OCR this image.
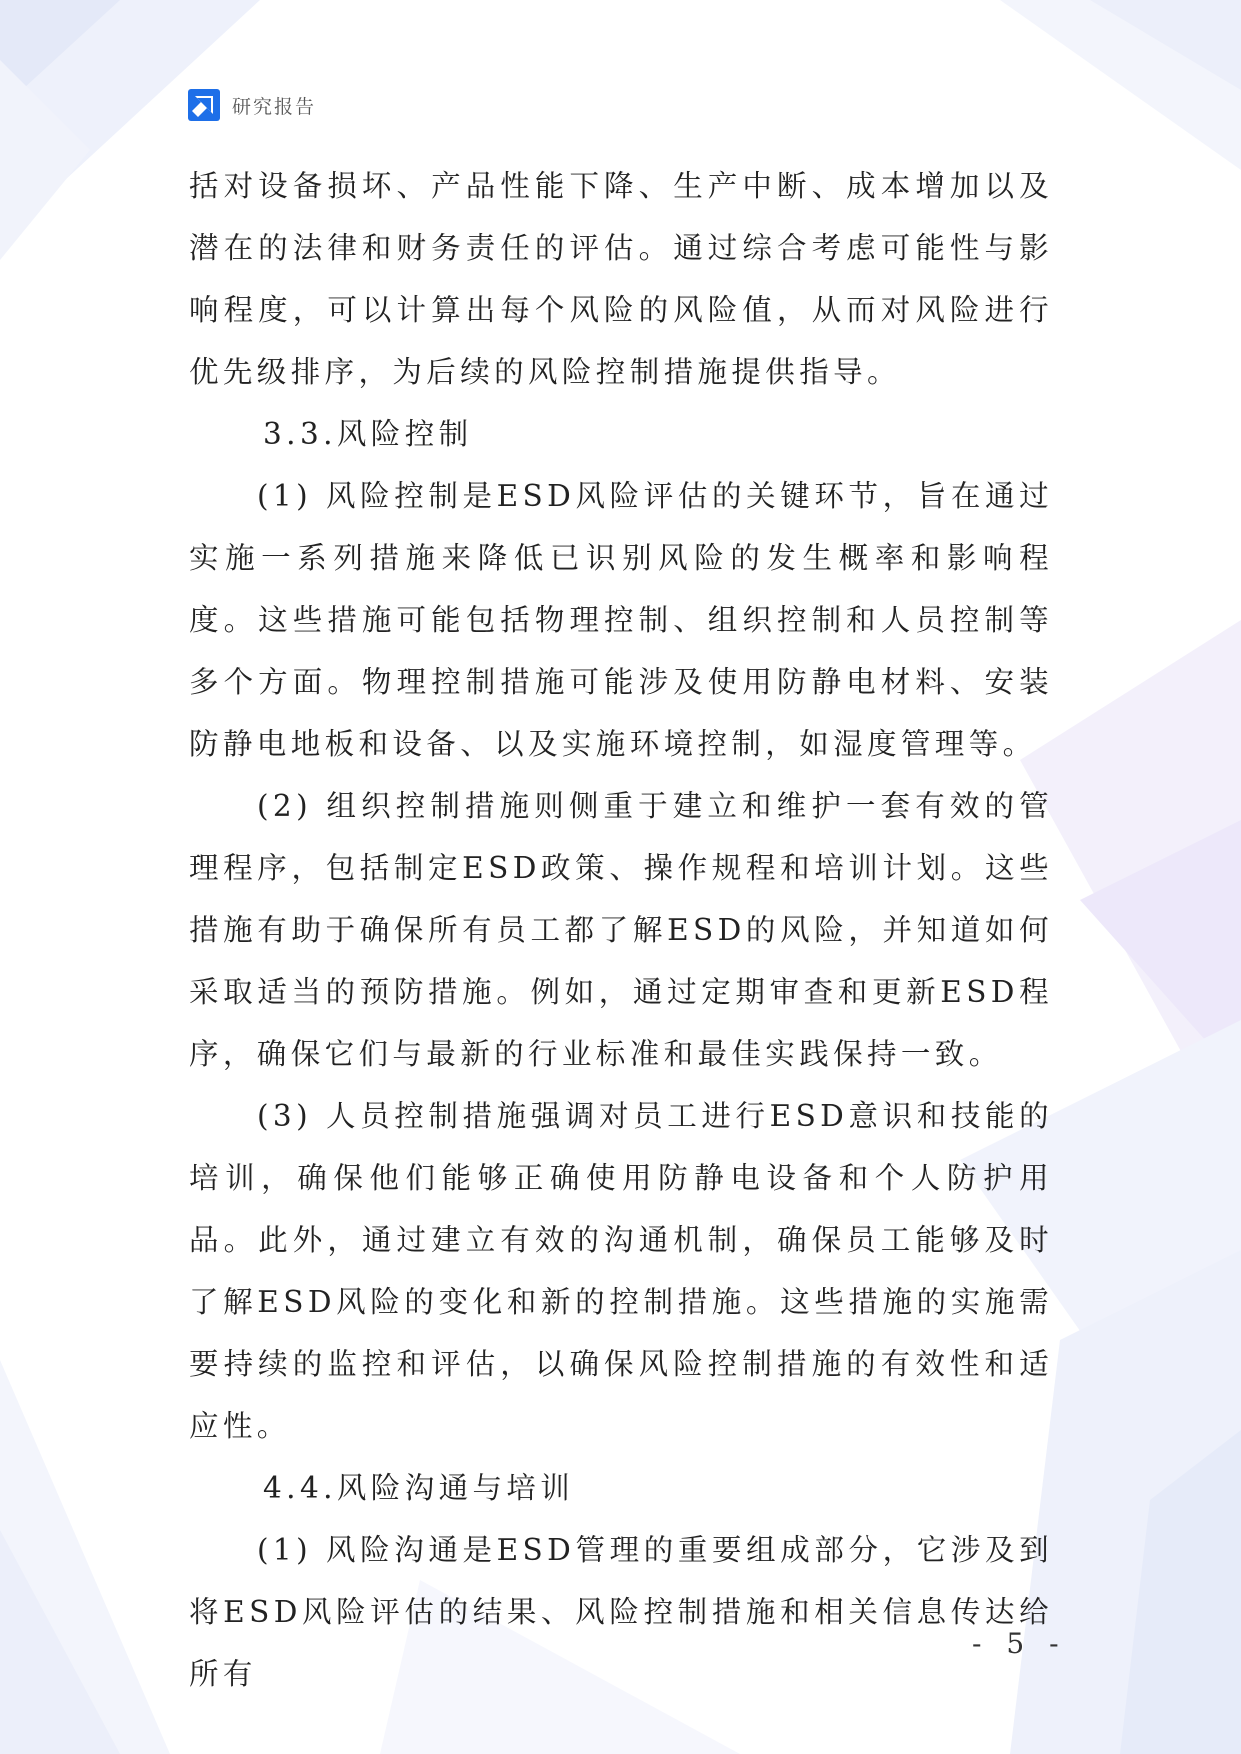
研究报告

括对设备损坏、产品性能下降、生产中断、成本增加以及潜在的法律和财务责任的评估。通过综合考虑可能性与影响程度，可以计算出每个风险的风险值，从而对风险进行优先级排序，为后续的风险控制措施提供指导。

3.3.风险控制

(1) 风险控制是ESD风险评估的关键环节，旨在通过实施一系列措施来降低已识别风险的发生概率和影响程度。这些措施可能包括物理控制、组织控制和人员控制等多个方面。物理控制措施可能涉及使用防静电材料、安装防静电地板和设备、以及实施环境控制，如湿度管理等。

(2) 组织控制措施则侧重于建立和维护一套有效的管理程序，包括制定ESD政策、操作规程和培训计划。这些措施有助于确保所有员工都了解ESD的风险，并知道如何采取适当的预防措施。例如，通过定期审查和更新ESD程序，确保它们与最新的行业标准和最佳实践保持一致。

(3) 人员控制措施强调对员工进行ESD意识和技能的培训，确保他们能够正确使用防静电设备和个人防护用品。此外，通过建立有效的沟通机制，确保员工能够及时了解ESD风险的变化和新的控制措施。这些措施的实施需要持续的监控和评估，以确保风险控制措施的有效性和适应性。

4.4.风险沟通与培训

(1) 风险沟通是ESD管理的重要组成部分，它涉及到将ESD风险评估的结果、风险控制措施和相关信息传达给所有

- 5 -
